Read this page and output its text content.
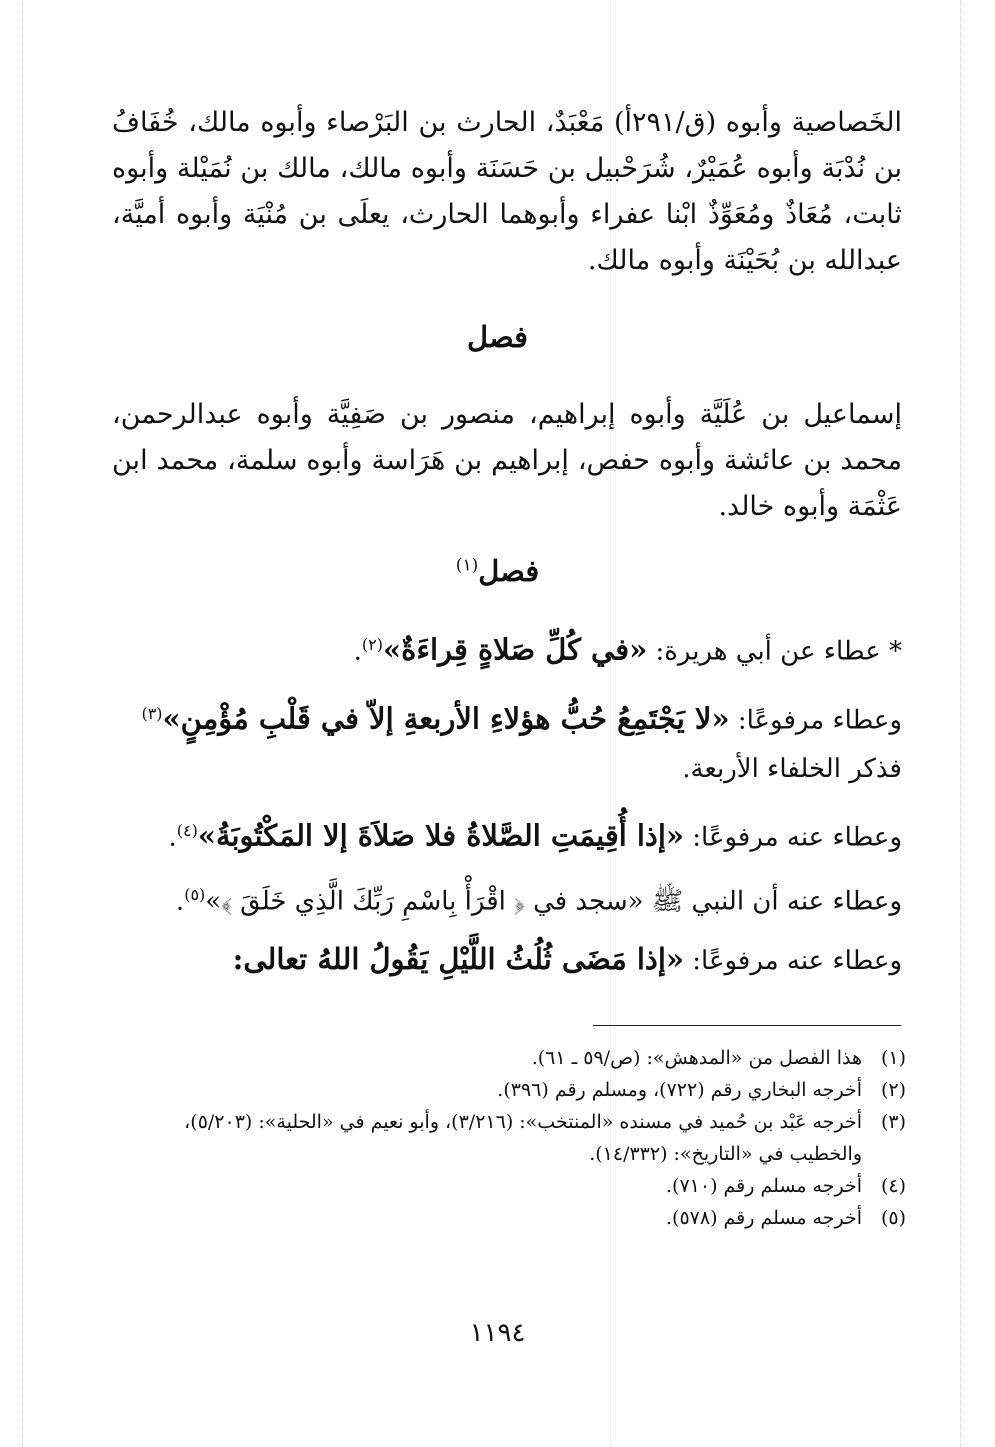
الخَصاصية وأبوه (ق/٢٩١أ) مَعْبَدٌ، الحارث بن البَرْصاء وأبوه مالك، خُفَافُ بن نُدْبَة وأبوه عُمَيْرٌ، شُرَحْبيل بن حَسَنَة وأبوه مالك، مالك بن نُمَيْلة وأبوه ثابت، مُعَاذٌ ومُعَوِّذٌ ابْنا عفراء وأبوهما الحارث، يعلَى بن مُنْيَة وأبوه أميَّة، عبدالله بن بُحَيْنَة وأبوه مالك.

فصل

إسماعيل بن عُلَيَّة وأبوه إبراهيم، منصور بن صَفِيَّة وأبوه عبدالرحمن، محمد بن عائشة وأبوه حفص، إبراهيم بن هَرَاسة وأبوه سلمة، محمد ابن عَثْمَة وأبوه خالد.

فصل$^{(١)}$
* عطاء عن أبي هريرة: «في كُلِّ صَلاةٍ قِراءَةٌ»$^{(٢)}$.
وعطاء مرفوعًا: «لا يَجْتَمِعُ حُبُّ هؤلاءِ الأربعةِ إلاّ في قَلْبِ مُؤْمِنٍ»$^{(٣)}$ فذكر الخلفاء الأربعة.
وعطاء عنه مرفوعًا: «إذا أُقِيمَتِ الصَّلاةُ فلا صَلاَةَ إلا المَكْتُوبَةُ»$^{(٤)}$.
وعطاء عنه أن النبي ﷺ «سجد في ﴿ اقْرَأْ بِاسْمِ رَبِّكَ الَّذِي خَلَقَ ﴾»$^{(٥)}$.
وعطاء عنه مرفوعًا: «إذا مَضَى ثُلُثُ اللَّيْلِ يَقُولُ اللهُ تعالى:
(١)
هذا الفصل من «المدهش»: (ص/٥٩ ـ ٦١).
(٢)
أخرجه البخاري رقم (٧٢٢)، ومسلم رقم (٣٩٦).
(٣)
أخرجه عَبْد بن حُميد في مسنده «المنتخب»: (٣/٢١٦)، وأبو نعيم في «الحلية»: (٥/٢٠٣)، والخطيب في «التاريخ»: (١٤/٣٣٢).
(٤)
أخرجه مسلم رقم (٧١٠).
(٥)
أخرجه مسلم رقم (٥٧٨).
١١٩٤
